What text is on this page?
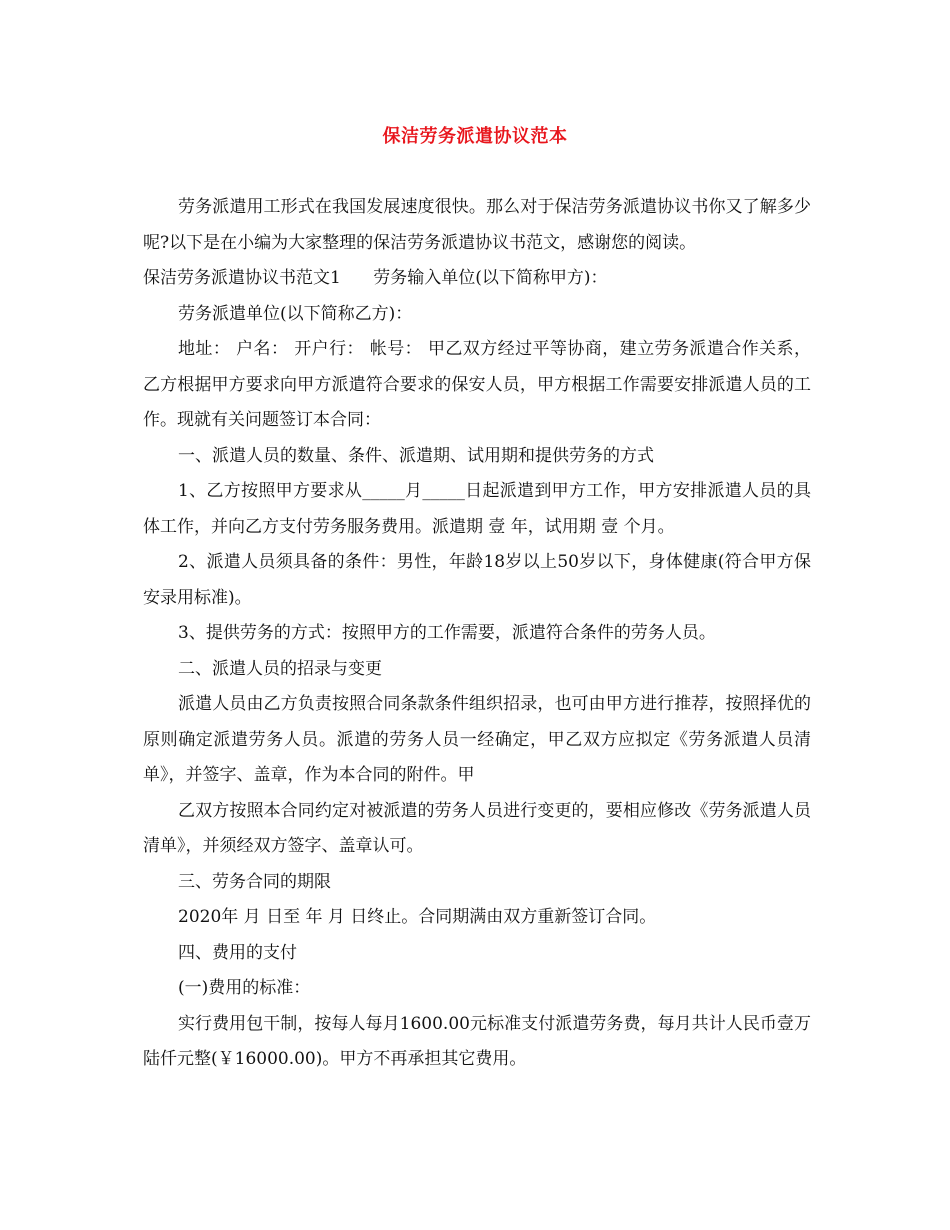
保洁劳务派遣协议范本

劳务派遣用工形式在我国发展速度很快。那么对于保洁劳务派遣协议书你又了解多少呢?以下是在小编为大家整理的保洁劳务派遣协议书范文，感谢您的阅读。

保洁劳务派遣协议书范文1      劳务输入单位(以下简称甲方)：

劳务派遣单位(以下简称乙方)：

地址： 户名： 开户行： 帐号： 甲乙双方经过平等协商，建立劳务派遣合作关系，乙方根据甲方要求向甲方派遣符合要求的保安人员，甲方根据工作需要安排派遣人员的工作。现就有关问题签订本合同：

一、派遣人员的数量、条件、派遣期、试用期和提供劳务的方式

1、乙方按照甲方要求从_____月_____日起派遣到甲方工作，甲方安排派遣人员的具体工作，并向乙方支付劳务服务费用。派遣期 壹 年，试用期 壹 个月。

2、派遣人员须具备的条件：男性，年龄18岁以上50岁以下，身体健康(符合甲方保安录用标准)。

3、提供劳务的方式：按照甲方的工作需要，派遣符合条件的劳务人员。

二、派遣人员的招录与变更

派遣人员由乙方负责按照合同条款条件组织招录，也可由甲方进行推荐，按照择优的原则确定派遣劳务人员。派遣的劳务人员一经确定，甲乙双方应拟定《劳务派遣人员清单》，并签字、盖章，作为本合同的附件。甲

乙双方按照本合同约定对被派遣的劳务人员进行变更的，要相应修改《劳务派遣人员清单》，并须经双方签字、盖章认可。

三、劳务合同的期限

2020年 月 日至 年 月 日终止。合同期满由双方重新签订合同。

四、费用的支付

(一)费用的标准：

实行费用包干制，按每人每月1600.00元标准支付派遣劳务费，每月共计人民币壹万陆仟元整(￥16000.00)。甲方不再承担其它费用。
